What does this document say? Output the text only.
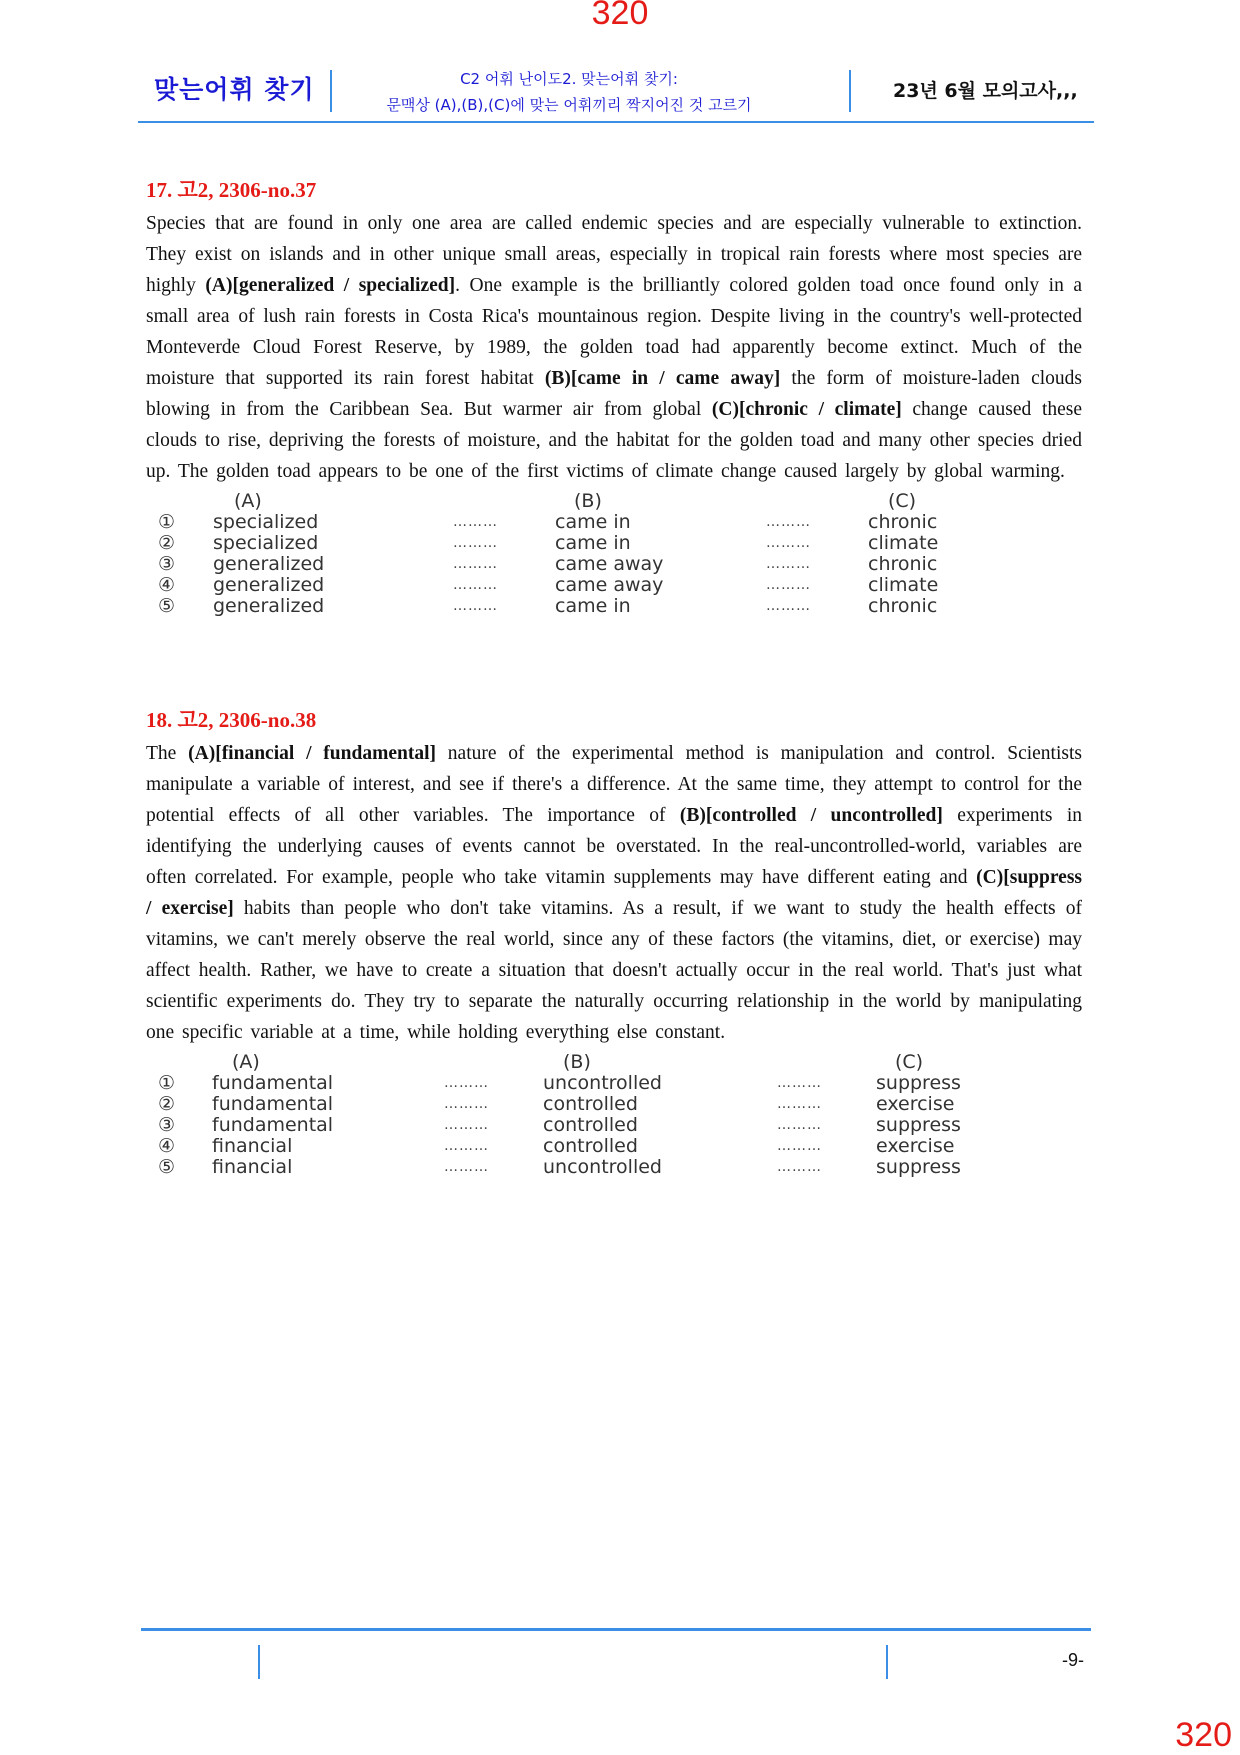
320
맞는어휘 찾기	C2 어휘 난이도2. 맞는어휘 찾기:
문맥상 (A),(B),(C)에 맞는 어휘끼리 짝지어진 것 고르기
23년 6월 모의고사,,,
17. 고2, 2306-no.37

Species that are found in only one area are called endemic species and are especially vulnerable to extinction. They exist on islands and in other unique small areas, especially in tropical rain forests where most species are highly (A)[generalized / specialized]. One example is the brilliantly colored golden toad once found only in a small area of lush rain forests in Costa Rica's mountainous region. Despite living in the country's well-protected Monteverde Cloud Forest Reserve, by 1989, the golden toad had apparently become extinct. Much of the moisture that supported its rain forest habitat (B)[came in / came away] the form of moisture-laden clouds blowing in from the Caribbean Sea. But warmer air from global (C)[chronic / climate] change caused these clouds to rise, depriving the forests of moisture, and the habitat for the golden toad and many other species dried up. The golden toad appears to be one of the first victims of climate change caused largely by global warming.

(A)	(B)	(C)
① specialized	………	came in	………	chronic
② specialized	………	came in	………	climate
③ generalized	………	came away	………	chronic
④ generalized	………	came away	………	climate
⑤ generalized	………	came in	………	chronic
18. 고2, 2306-no.38

The (A)[financial / fundamental] nature of the experimental method is manipulation and control. Scientists manipulate a variable of interest, and see if there's a difference. At the same time, they attempt to control for the potential effects of all other variables. The importance of (B)[controlled / uncontrolled] experiments in identifying the underlying causes of events cannot be overstated. In the real-uncontrolled-world, variables are often correlated. For example, people who take vitamin supplements may have different eating and (C)[suppress / exercise] habits than people who don't take vitamins. As a result, if we want to study the health effects of vitamins, we can't merely observe the real world, since any of these factors (the vitamins, diet, or exercise) may affect health. Rather, we have to create a situation that doesn't actually occur in the real world. That's just what scientific experiments do. They try to separate the naturally occurring relationship in the world by manipulating one specific variable at a time, while holding everything else constant.

(A)	(B)	(C)
① fundamental	………	uncontrolled	………	suppress
② fundamental	………	controlled	………	exercise
③ fundamental	………	controlled	………	suppress
④ financial	………	controlled	………	exercise
⑤ financial	………	uncontrolled	………	suppress
-9-
320
